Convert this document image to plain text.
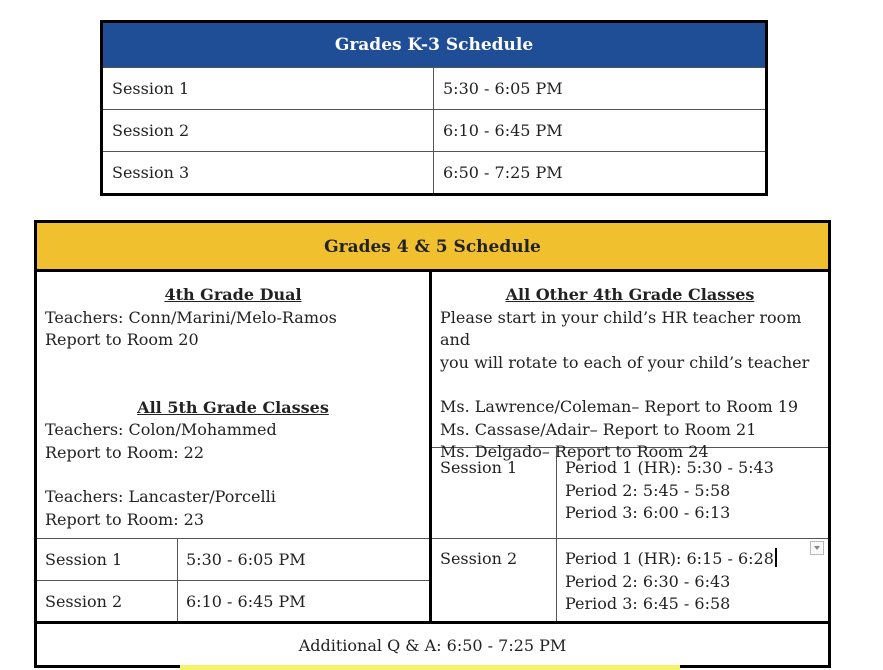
Grades K-3 Schedule	
Session 1	5:30 - 6:05 PM
Session 2	6:10 - 6:45 PM
Session 3	6:50 - 7:25 PM
Grades 4 & 5 Schedule
4th Grade Dual
Teachers: Conn/Marini/Melo-Ramos
Report to Room 20
All 5th Grade Classes
Teachers: Colon/Mohammed
Report to Room: 22
Teachers: Lancaster/Porcelli
Report to Room: 23
All Other 4th Grade Classes
Please start in your child’s HR teacher room and
you will rotate to each of your child’s teacher
Ms. Lawrence/Coleman– Report to Room 19
Ms. Cassase/Adair– Report to Room 21
Ms. Delgado– Report to Room 24
Session 1	5:30 - 6:05 PM
Session 2	6:10 - 6:45 PM
Session 1	Period 1 (HR): 5:30 - 5:43
Period 2: 5:45 - 5:58
Period 3: 6:00 - 6:13
Session 2	Period 1 (HR): 6:15 - 6:28
Period 2: 6:30 - 6:43
Period 3: 6:45 - 6:58
Additional Q & A: 6:50 - 7:25 PM
